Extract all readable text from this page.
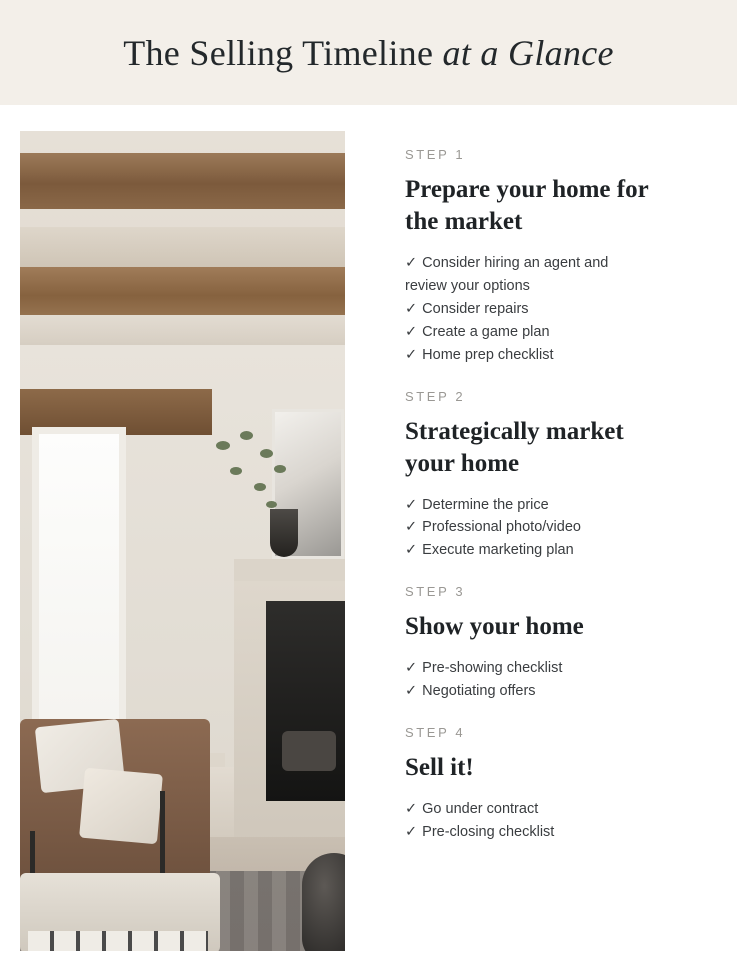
The Selling Timeline at a Glance
STEP 1
Prepare your home for the market
✓ Consider hiring an agent and review your options
✓ Consider repairs
✓ Create a game plan
✓ Home prep checklist
STEP 2
Strategically market your home
✓ Determine the price
✓ Professional photo/video
✓ Execute marketing plan
STEP 3
Show your home
✓ Pre-showing checklist
✓ Negotiating offers
STEP 4
Sell it!
✓ Go under contract
✓ Pre-closing checklist
